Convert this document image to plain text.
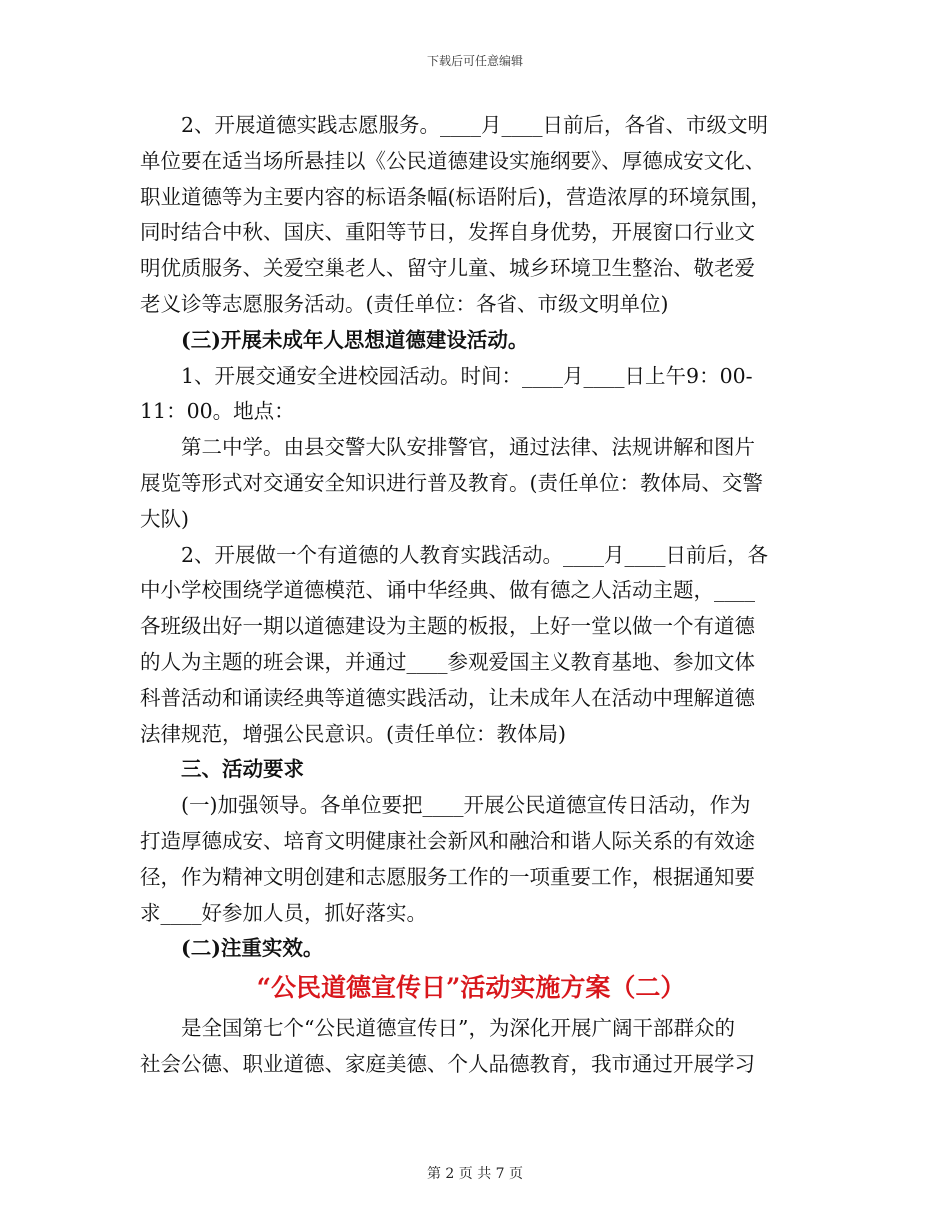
下载后可任意编辑
2、开展道德实践志愿服务。____月____日前后，各省、市级文明
单位要在适当场所悬挂以《公民道德建设实施纲要》、厚德成安文化、
职业道德等为主要内容的标语条幅(标语附后)，营造浓厚的环境氛围，
同时结合中秋、国庆、重阳等节日，发挥自身优势，开展窗口行业文
明优质服务、关爱空巢老人、留守儿童、城乡环境卫生整治、敬老爱
老义诊等志愿服务活动。(责任单位：各省、市级文明单位)
(三)开展未成年人思想道德建设活动。
1、开展交通安全进校园活动。时间：____月____日上午9：00-
11：00。地点：
第二中学。由县交警大队安排警官，通过法律、法规讲解和图片
展览等形式对交通安全知识进行普及教育。(责任单位：教体局、交警
大队)
2、开展做一个有道德的人教育实践活动。____月____日前后，各
中小学校围绕学道德模范、诵中华经典、做有德之人活动主题，____
各班级出好一期以道德建设为主题的板报，上好一堂以做一个有道德
的人为主题的班会课，并通过____参观爱国主义教育基地、参加文体
科普活动和诵读经典等道德实践活动，让未成年人在活动中理解道德
法律规范，增强公民意识。(责任单位：教体局)
三、活动要求
(一)加强领导。各单位要把____开展公民道德宣传日活动，作为
打造厚德成安、培育文明健康社会新风和融洽和谐人际关系的有效途
径，作为精神文明创建和志愿服务工作的一项重要工作，根据通知要
求____好参加人员，抓好落实。
(二)注重实效。
“公民道德宣传日”活动实施方案（二）
是全国第七个“公民道德宣传日”，为深化开展广阔干部群众的
社会公德、职业道德、家庭美德、个人品德教育，我市通过开展学习
第 2 页 共 7 页
